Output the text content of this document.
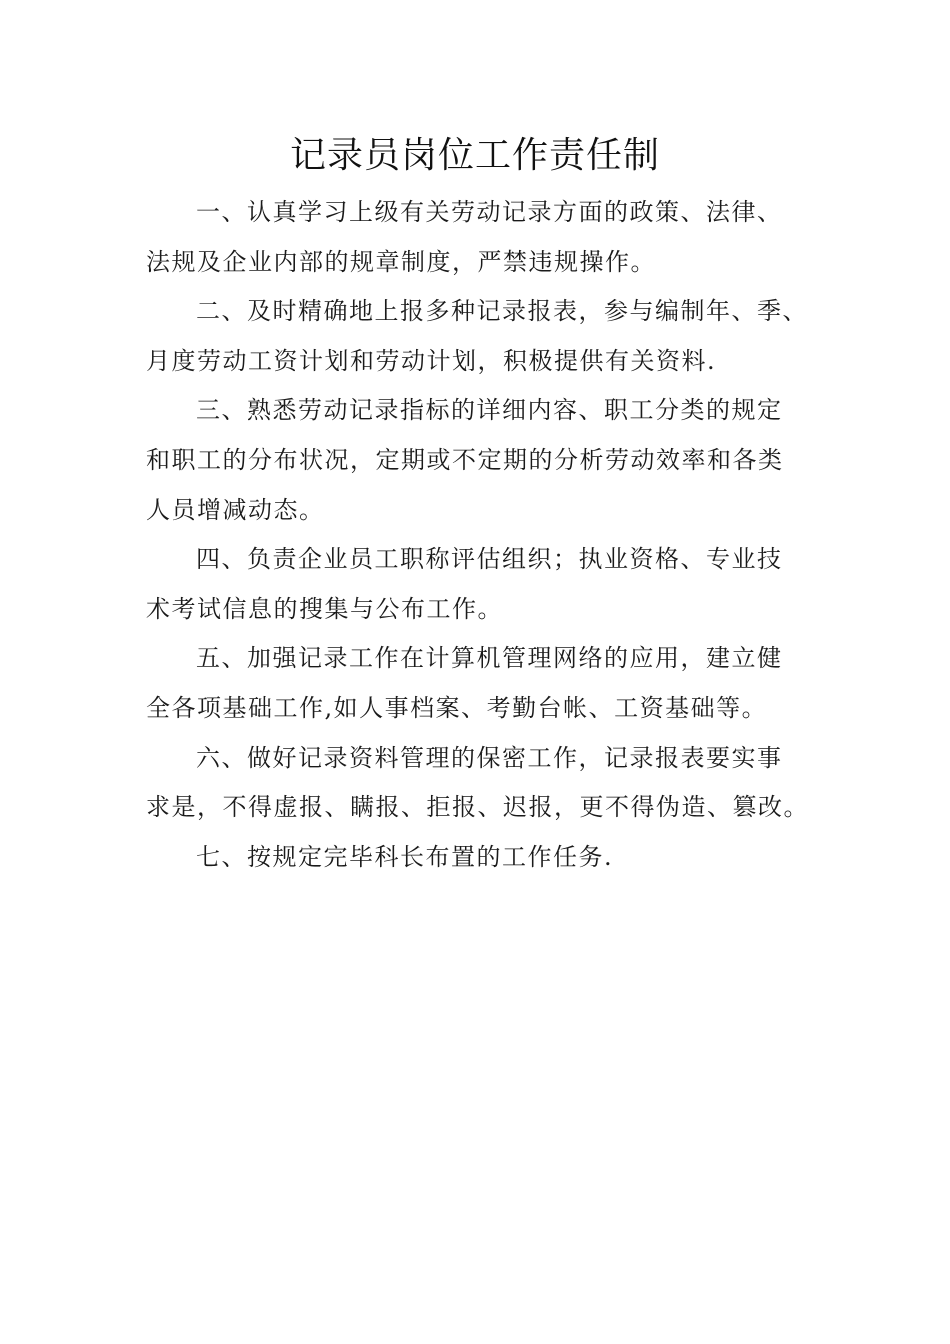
记录员岗位工作责任制
一、认真学习上级有关劳动记录方面的政策、法律、
法规及企业内部的规章制度，严禁违规操作。
二、及时精确地上报多种记录报表，参与编制年、季、
月度劳动工资计划和劳动计划，积极提供有关资料.
三、熟悉劳动记录指标的详细内容、职工分类的规定
和职工的分布状况，定期或不定期的分析劳动效率和各类
人员增减动态。
四、负责企业员工职称评估组织；执业资格、专业技
术考试信息的搜集与公布工作。
五、加强记录工作在计算机管理网络的应用，建立健
全各项基础工作,如人事档案、考勤台帐、工资基础等。
六、做好记录资料管理的保密工作，记录报表要实事
求是，不得虚报、瞒报、拒报、迟报，更不得伪造、篡改。
七、按规定完毕科长布置的工作任务.
